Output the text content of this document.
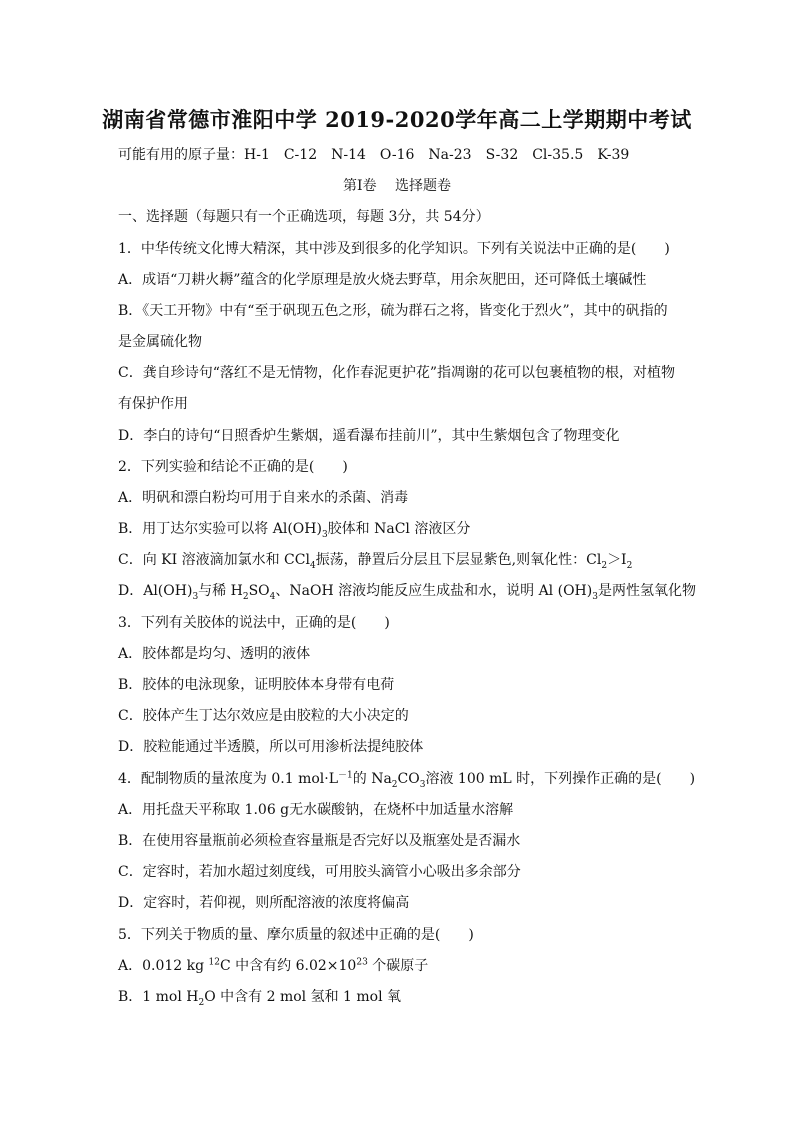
湖南省常德市淮阳中学 2019-2020学年高二上学期期中考试
可能有用的原子量：H-1　C-12　N-14　O-16　Na-23　S-32　Cl-35.5　K-39
第Ⅰ卷　 选择题卷
一、选择题（每题只有一个正确选项，每题 3分，共 54分）
1．中华传统文化博大精深，其中涉及到很多的化学知识。下列有关说法中正确的是(　　)
A．成语“刀耕火耨”蕴含的化学原理是放火烧去野草，用余灰肥田，还可降低土壤碱性
B．《天工开物》中有“至于矾现五色之形，硫为群石之将，皆变化于烈火”，其中的矾指的
是金属硫化物
C．龚自珍诗句“落红不是无情物，化作春泥更护花”指凋谢的花可以包裹植物的根，对植物
有保护作用
D．李白的诗句“日照香炉生紫烟，遥看瀑布挂前川”，其中生紫烟包含了物理变化
2．下列实验和结论不正确的是(　　)
A．明矾和漂白粉均可用于自来水的杀菌、消毒
B．用丁达尔实验可以将 $Al(OH)_3$胶体和 NaCl 溶液区分
C．向 KI 溶液滴加氯水和 CCl$_4$振荡，静置后分层且下层显紫色,则氧化性：$Cl_2>I_2$
D．$Al(OH)_3$与稀 $H_2SO_4$、NaOH 溶液均能反应生成盐和水，说明 Al $(OH)_3$是两性氢氧化物
3．下列有关胶体的说法中，正确的是(　　)
A．胶体都是均匀、透明的液体
B．胶体的电泳现象，证明胶体本身带有电荷
C．胶体产生丁达尔效应是由胶粒的大小决定的
D．胶粒能通过半透膜，所以可用渗析法提纯胶体
4．配制物质的量浓度为 0.1 $mol\cdot L^{-1}$的 $Na_2CO_3$溶液 100 mL 时，下列操作正确的是(　　)
A．用托盘天平称取 1.06 g无水碳酸钠，在烧杯中加适量水溶解
B．在使用容量瓶前必须检查容量瓶是否完好以及瓶塞处是否漏水
C．定容时，若加水超过刻度线，可用胶头滴管小心吸出多余部分
D．定容时，若仰视，则所配溶液的浓度将偏高
5．下列关于物质的量、摩尔质量的叙述中正确的是(　　)
A．0.012 kg $^{12}$C 中含有约 $6.02\times 10^{23}$ 个碳原子
B．1 mol $H_2O$ 中含有 2 mol 氢和 1 mol 氧
